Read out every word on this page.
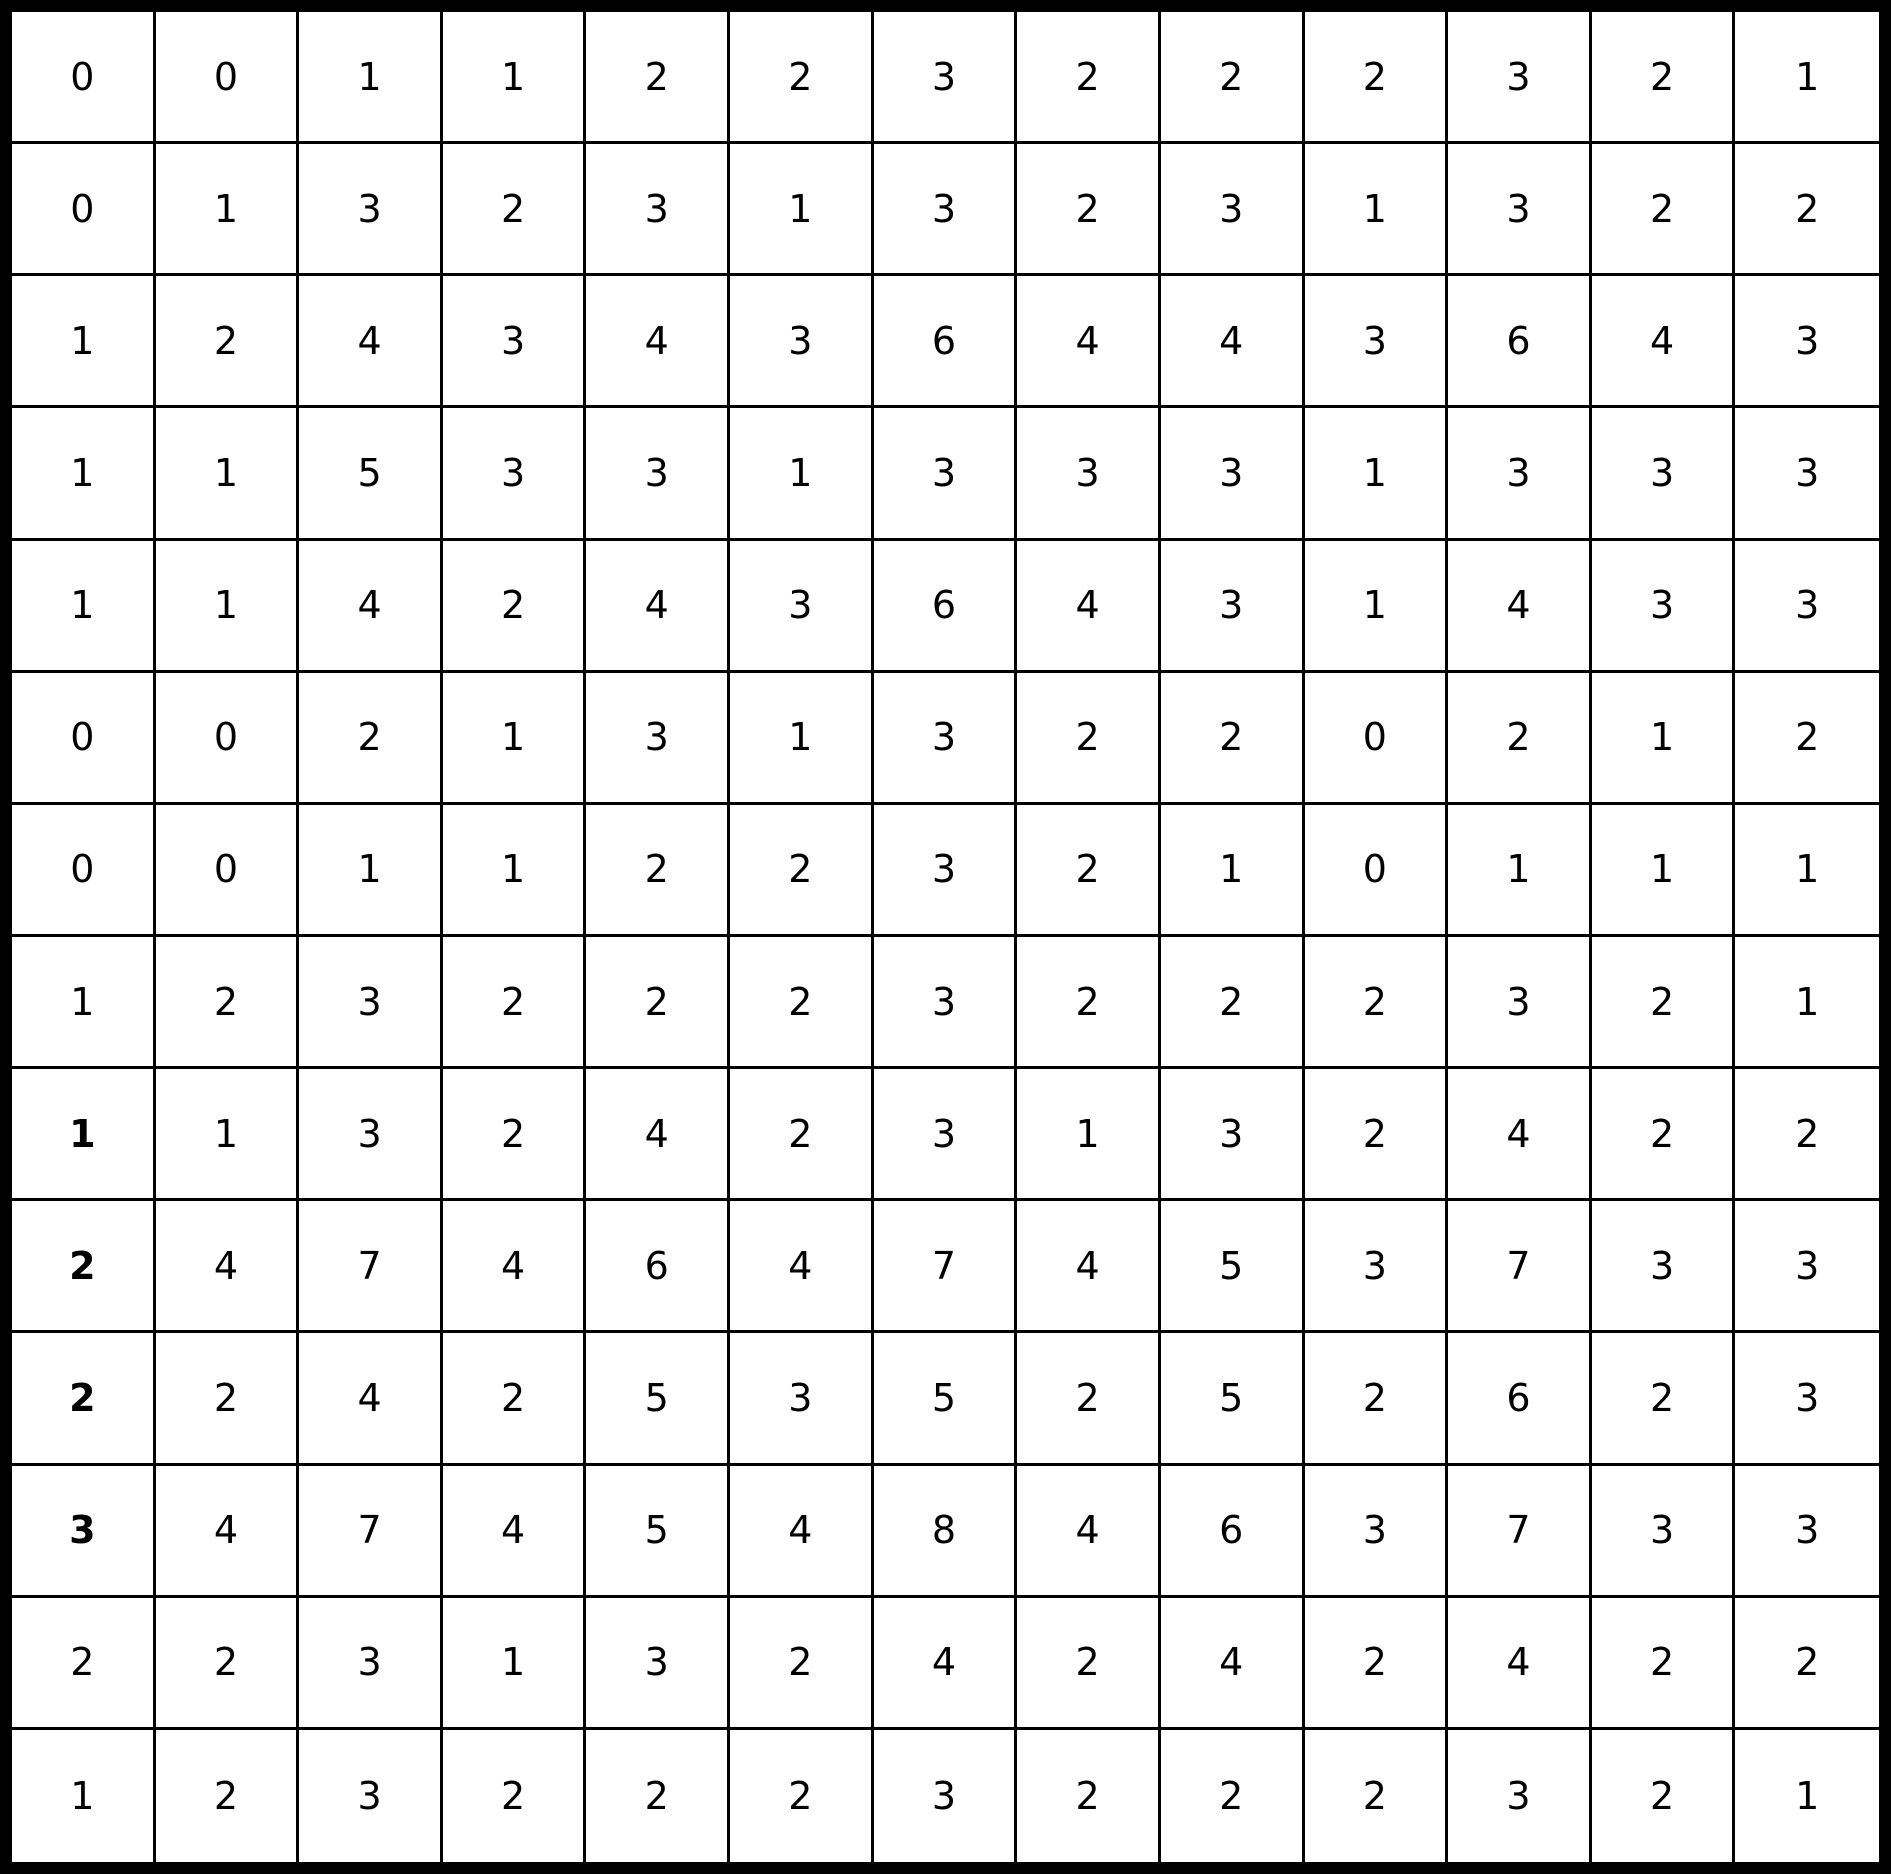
0	0	1	1	2	2	3	2	2	2	3	2	1
0	1	3	2	3	1	3	2	3	1	3	2	2
1	2	4	3	4	3	6	4	4	3	6	4	3
1	1	5	3	3	1	3	3	3	1	3	3	3
1	1	4	2	4	3	6	4	3	1	4	3	3
0	0	2	1	3	1	3	2	2	0	2	1	2
0	0	1	1	2	2	3	2	1	0	1	1	1
1	2	3	2	2	2	3	2	2	2	3	2	1
1	1	3	2	4	2	3	1	3	2	4	2	2
2	4	7	4	6	4	7	4	5	3	7	3	3
2	2	4	2	5	3	5	2	5	2	6	2	3
3	4	7	4	5	4	8	4	6	3	7	3	3
2	2	3	1	3	2	4	2	4	2	4	2	2
1	2	3	2	2	2	3	2	2	2	3	2	1
